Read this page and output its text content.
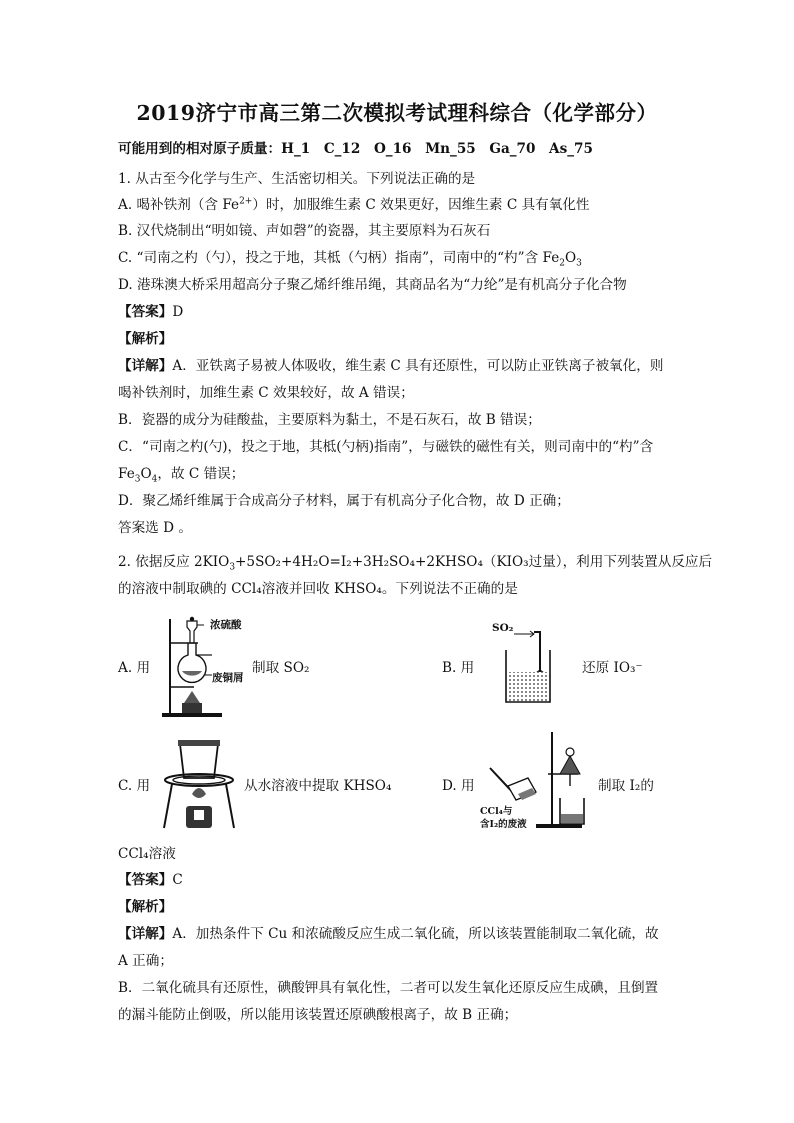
2019济宁市高三第二次模拟考试理科综合（化学部分）
可能用到的相对原子质量：H_1　C_12　O_16　Mn_55　Ga_70　As_75
1. 从古至今化学与生产、生活密切相关。下列说法正确的是
A. 喝补铁剂（含 $Fe^{2+}$）时，加服维生素 C 效果更好，因维生素 C 具有氧化性
B. 汉代烧制出“明如镜、声如磬”的瓷器，其主要原料为石灰石
C. “司南之杓（勺），投之于地，其柢（勺柄）指南”，司南中的“杓”含 $Fe_2O_3$
D. 港珠澳大桥采用超高分子聚乙烯纤维吊绳，其商品名为“力纶”是有机高分子化合物
【答案】D
【解析】
【详解】A．亚铁离子易被人体吸收，维生素 C 具有还原性，可以防止亚铁离子被氧化，则
喝补铁剂时，加维生素 C 效果较好，故 A 错误；
B．瓷器的成分为硅酸盐，主要原料为黏土，不是石灰石，故 B 错误；
C．“司南之杓(勺)，投之于地，其柢(勺柄)指南”，与磁铁的磁性有关，则司南中的“杓”含
$Fe_3O_4$，故 C 错误；
D．聚乙烯纤维属于合成高分子材料，属于有机高分子化合物，故 D 正确；
答案选 D 。
2. 依据反应 $2KIO_3+5SO_2+4H_2O=I_2+3H_2SO_4+2KHSO_4(KIO_3$过量），利用下列装置从反应后
的溶液中制取碘的 CCl₄溶液并回收 KHSO₄。下列说法不正确的是
A. 用
浓硫酸
废铜屑
制取 SO₂	B. 用
SO₂
还原 IO₃⁻
C. 用	从水溶液中提取 KHSO₄	D. 用
CCl₄与
含I₂的废液
制取 I₂的
CCl₄溶液
【答案】C
【解析】
【详解】A．加热条件下 Cu 和浓硫酸反应生成二氧化硫，所以该装置能制取二氧化硫，故
A 正确；
B．二氧化硫具有还原性，碘酸钾具有氧化性，二者可以发生氧化还原反应生成碘，且倒置
的漏斗能防止倒吸，所以能用该装置还原碘酸根离子，故 B 正确；
